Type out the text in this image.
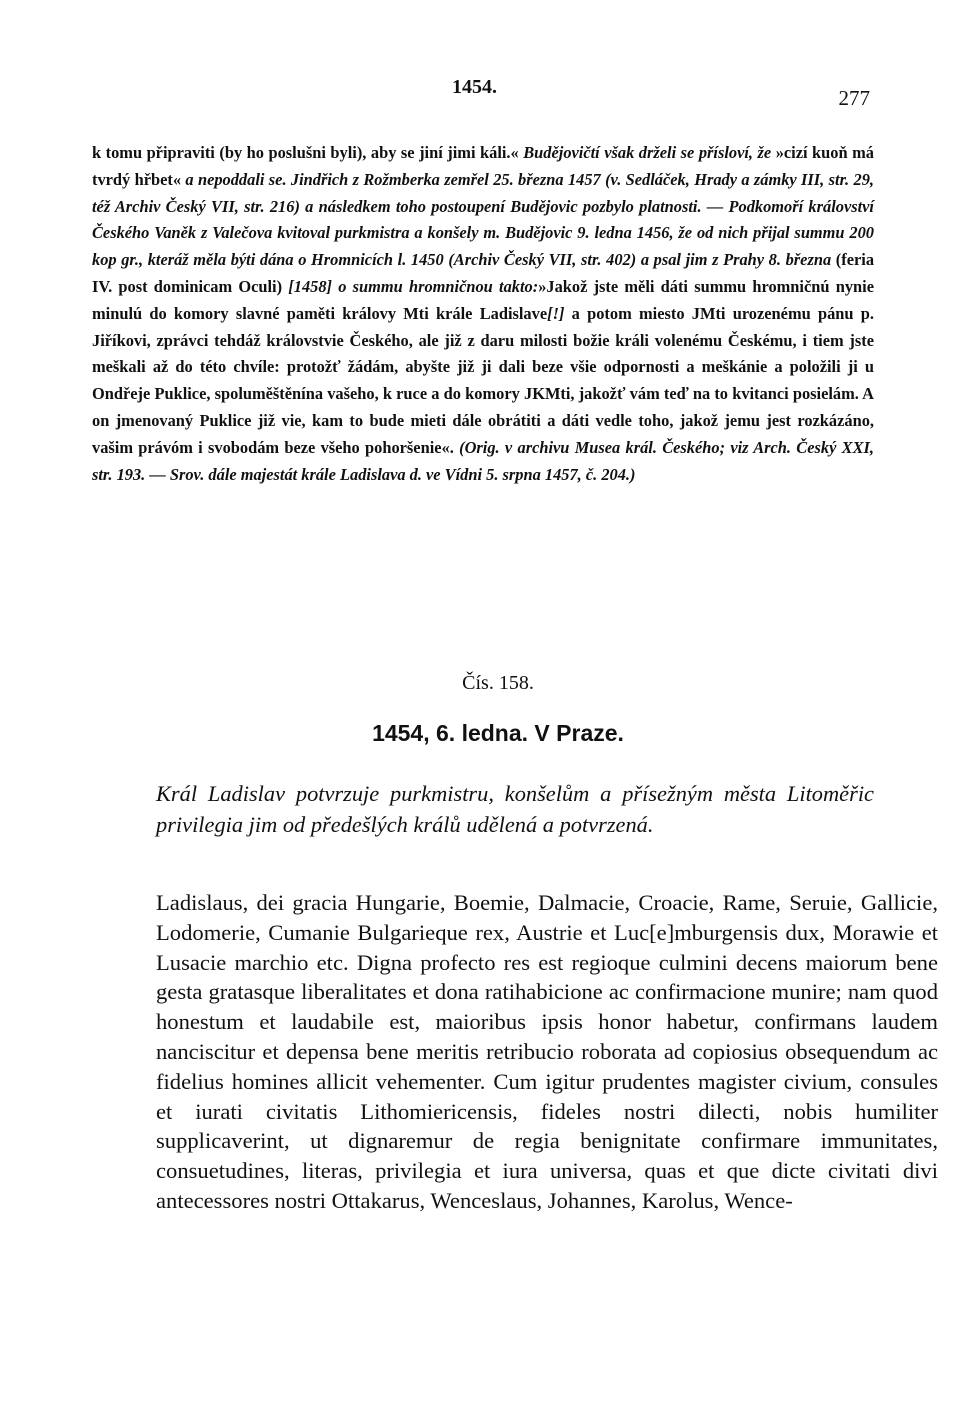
1454.	277

k tomu připraviti (by ho poslušni byli), aby se jiní jimi káli.« Budějovičtí však drželi se přísloví, že »cizí kuoň má tvrdý hřbet« a nepoddali se. Jindřich z Rožmberka zemřel 25. března 1457 (v. Sedláček, Hrady a zámky III, str. 29, též Archiv Český VII, str. 216) a následkem toho postoupení Budějovic pozbylo platnosti. — Podkomoří království Českého Vaněk z Valečova kvitoval purkmistra a konšely m. Budějovic 9. ledna 1456, že od nich přijal summu 200 kop gr., kteráž měla býti dána o Hromnicích l. 1450 (Archiv Český VII, str. 402) a psal jim z Prahy 8. března (feria IV. post dominicam Oculi) [1458] o summu hromničnou takto:»Jakož jste měli dáti summu hromničnú nynie minulú do komory slavné paměti královy Mti krále Ladislave[!] a potom miesto JMti urozenému pánu p. Jiříkovi, zprávci tehdáž královstvie Českého, ale již z daru milosti božie králi volenému Českému, i tiem jste meškali až do této chvíle: protožť žádám, abyšte již ji dali beze všie odpornosti a meškánie a položili ji u Ondřeje Puklice, spoluměštěnína vašeho, k ruce a do komory JKMti, jakožť vám teď na to kvitanci posielám. A on jmenovaný Puklice již vie, kam to bude mieti dále obrátiti a dáti vedle toho, jakož jemu jest rozkázáno, vašim právóm i svobodám beze všeho pohoršenie«. (Orig. v archivu Musea král. Českého; viz Arch. Český XXI, str. 193. — Srov. dále majestát krále Ladislava d. ve Vídni 5. srpna 1457, č. 204.)

Čís. 158.

1454, 6. ledna. V Praze.

Král Ladislav potvrzuje purkmistru, konšelům a přísežným města Litoměřic privilegia jim od předešlých králů udělená a potvrzená.

Ladislaus, dei gracia Hungarie, Boemie, Dalmacie, Croacie, Rame, Seruie, Gallicie, Lodomerie, Cumanie Bulgarieque rex, Austrie et Luc[e]mburgensis dux, Morawie et Lusacie marchio etc. Digna profecto res est regioque culmini decens maiorum bene gesta gratasque liberalitates et dona ratihabicione ac confirmacione munire; nam quod honestum et laudabile est, maioribus ipsis honor habetur, confirmans laudem nanciscitur et depensa bene meritis retribucio roborata ad copiosius obsequendum ac fidelius homines allicit vehementer. Cum igitur prudentes magister civium, consules et iurati civitatis Lithomiericensis, fideles nostri dilecti, nobis humiliter supplicaverint, ut dignaremur de regia benignitate confirmare immunitates, consuetudines, literas, privilegia et iura universa, quas et que dicte civitati divi antecessores nostri Ottakarus, Wenceslaus, Johannes, Karolus, Wence-
